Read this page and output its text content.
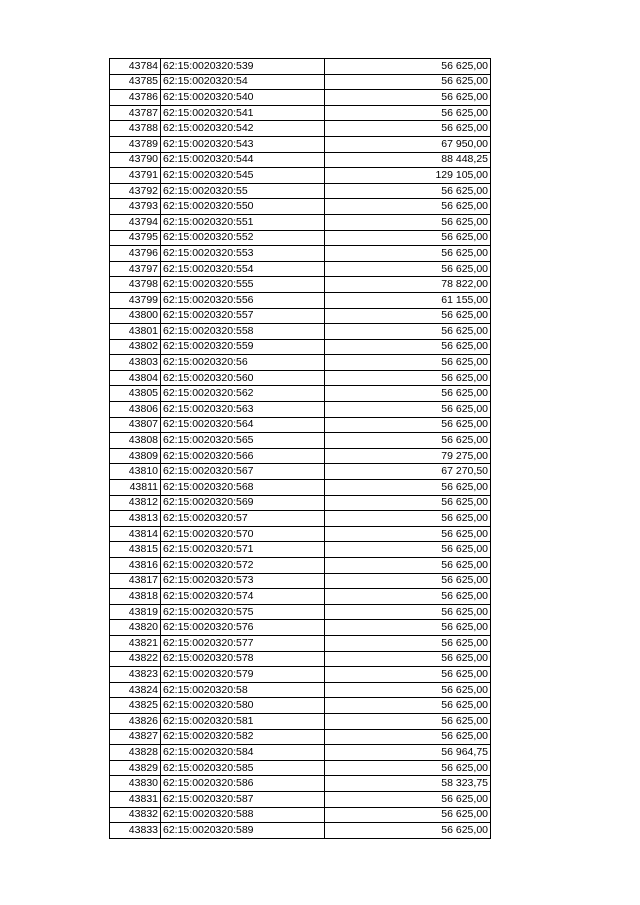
43784	62:15:0020320:539	56 625,00
43785	62:15:0020320:54	56 625,00
43786	62:15:0020320:540	56 625,00
43787	62:15:0020320:541	56 625,00
43788	62:15:0020320:542	56 625,00
43789	62:15:0020320:543	67 950,00
43790	62:15:0020320:544	88 448,25
43791	62:15:0020320:545	129 105,00
43792	62:15:0020320:55	56 625,00
43793	62:15:0020320:550	56 625,00
43794	62:15:0020320:551	56 625,00
43795	62:15:0020320:552	56 625,00
43796	62:15:0020320:553	56 625,00
43797	62:15:0020320:554	56 625,00
43798	62:15:0020320:555	78 822,00
43799	62:15:0020320:556	61 155,00
43800	62:15:0020320:557	56 625,00
43801	62:15:0020320:558	56 625,00
43802	62:15:0020320:559	56 625,00
43803	62:15:0020320:56	56 625,00
43804	62:15:0020320:560	56 625,00
43805	62:15:0020320:562	56 625,00
43806	62:15:0020320:563	56 625,00
43807	62:15:0020320:564	56 625,00
43808	62:15:0020320:565	56 625,00
43809	62:15:0020320:566	79 275,00
43810	62:15:0020320:567	67 270,50
43811	62:15:0020320:568	56 625,00
43812	62:15:0020320:569	56 625,00
43813	62:15:0020320:57	56 625,00
43814	62:15:0020320:570	56 625,00
43815	62:15:0020320:571	56 625,00
43816	62:15:0020320:572	56 625,00
43817	62:15:0020320:573	56 625,00
43818	62:15:0020320:574	56 625,00
43819	62:15:0020320:575	56 625,00
43820	62:15:0020320:576	56 625,00
43821	62:15:0020320:577	56 625,00
43822	62:15:0020320:578	56 625,00
43823	62:15:0020320:579	56 625,00
43824	62:15:0020320:58	56 625,00
43825	62:15:0020320:580	56 625,00
43826	62:15:0020320:581	56 625,00
43827	62:15:0020320:582	56 625,00
43828	62:15:0020320:584	56 964,75
43829	62:15:0020320:585	56 625,00
43830	62:15:0020320:586	58 323,75
43831	62:15:0020320:587	56 625,00
43832	62:15:0020320:588	56 625,00
43833	62:15:0020320:589	56 625,00
